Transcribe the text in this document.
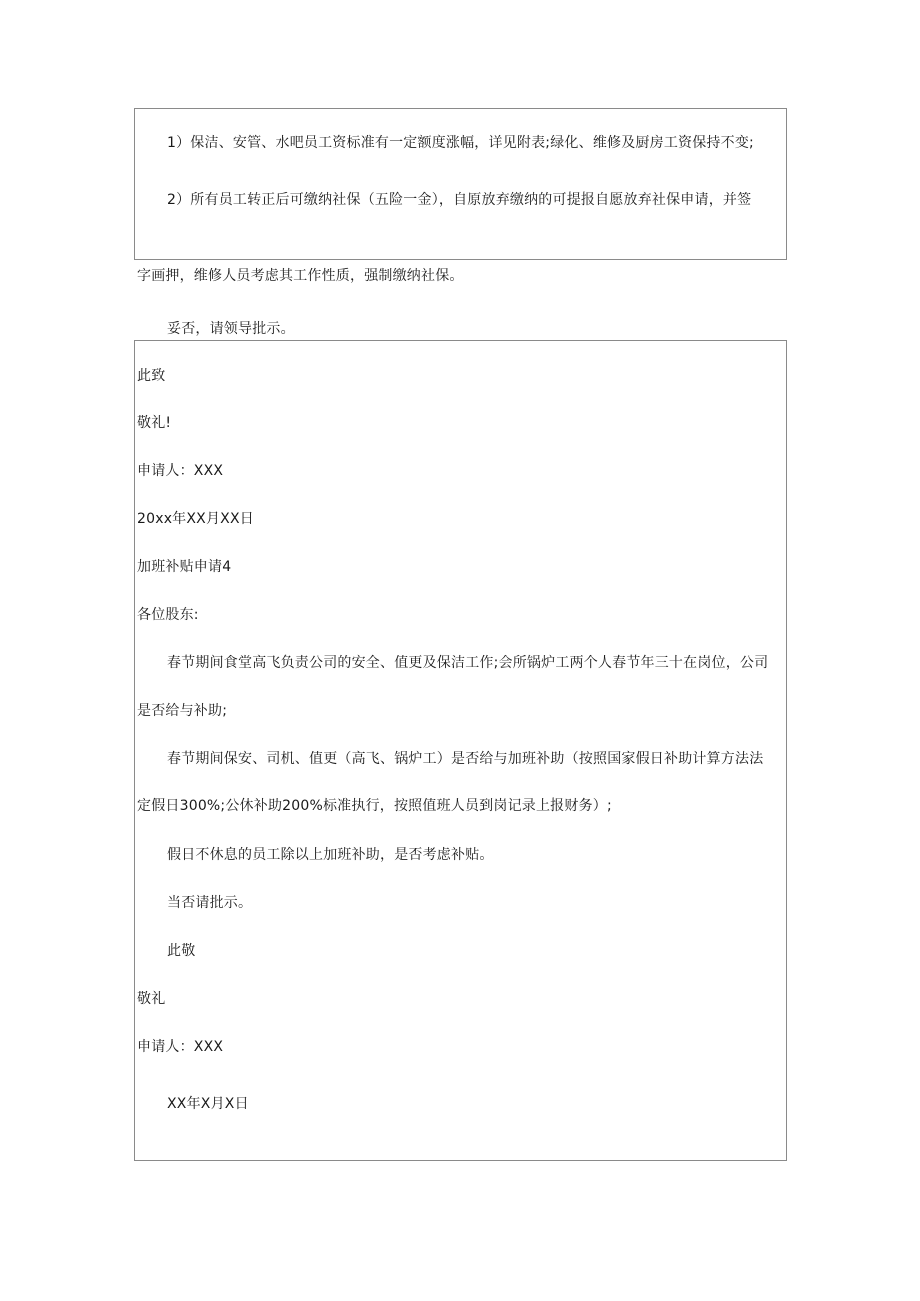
1）保洁、安管、水吧员工资标准有一定额度涨幅，详见附表;绿化、维修及厨房工资保持不变;
2）所有员工转正后可缴纳社保（五险一金），自原放弃缴纳的可提报自愿放弃社保申请，并签
字画押，维修人员考虑其工作性质，强制缴纳社保。
妥否，请领导批示。
此致
敬礼!
申请人：XXX
20xx年XX月XX日
加班补贴申请4
各位股东:
春节期间食堂高飞负责公司的安全、值更及保洁工作;会所锅炉工两个人春节年三十在岗位，公司
是否给与补助;
春节期间保安、司机、值更（高飞、锅炉工）是否给与加班补助（按照国家假日补助计算方法法
定假日300%;公休补助200%标准执行，按照值班人员到岗记录上报财务）;
假日不休息的员工除以上加班补助，是否考虑补贴。
当否请批示。
此敬
敬礼
申请人：XXX
XX年X月X日
